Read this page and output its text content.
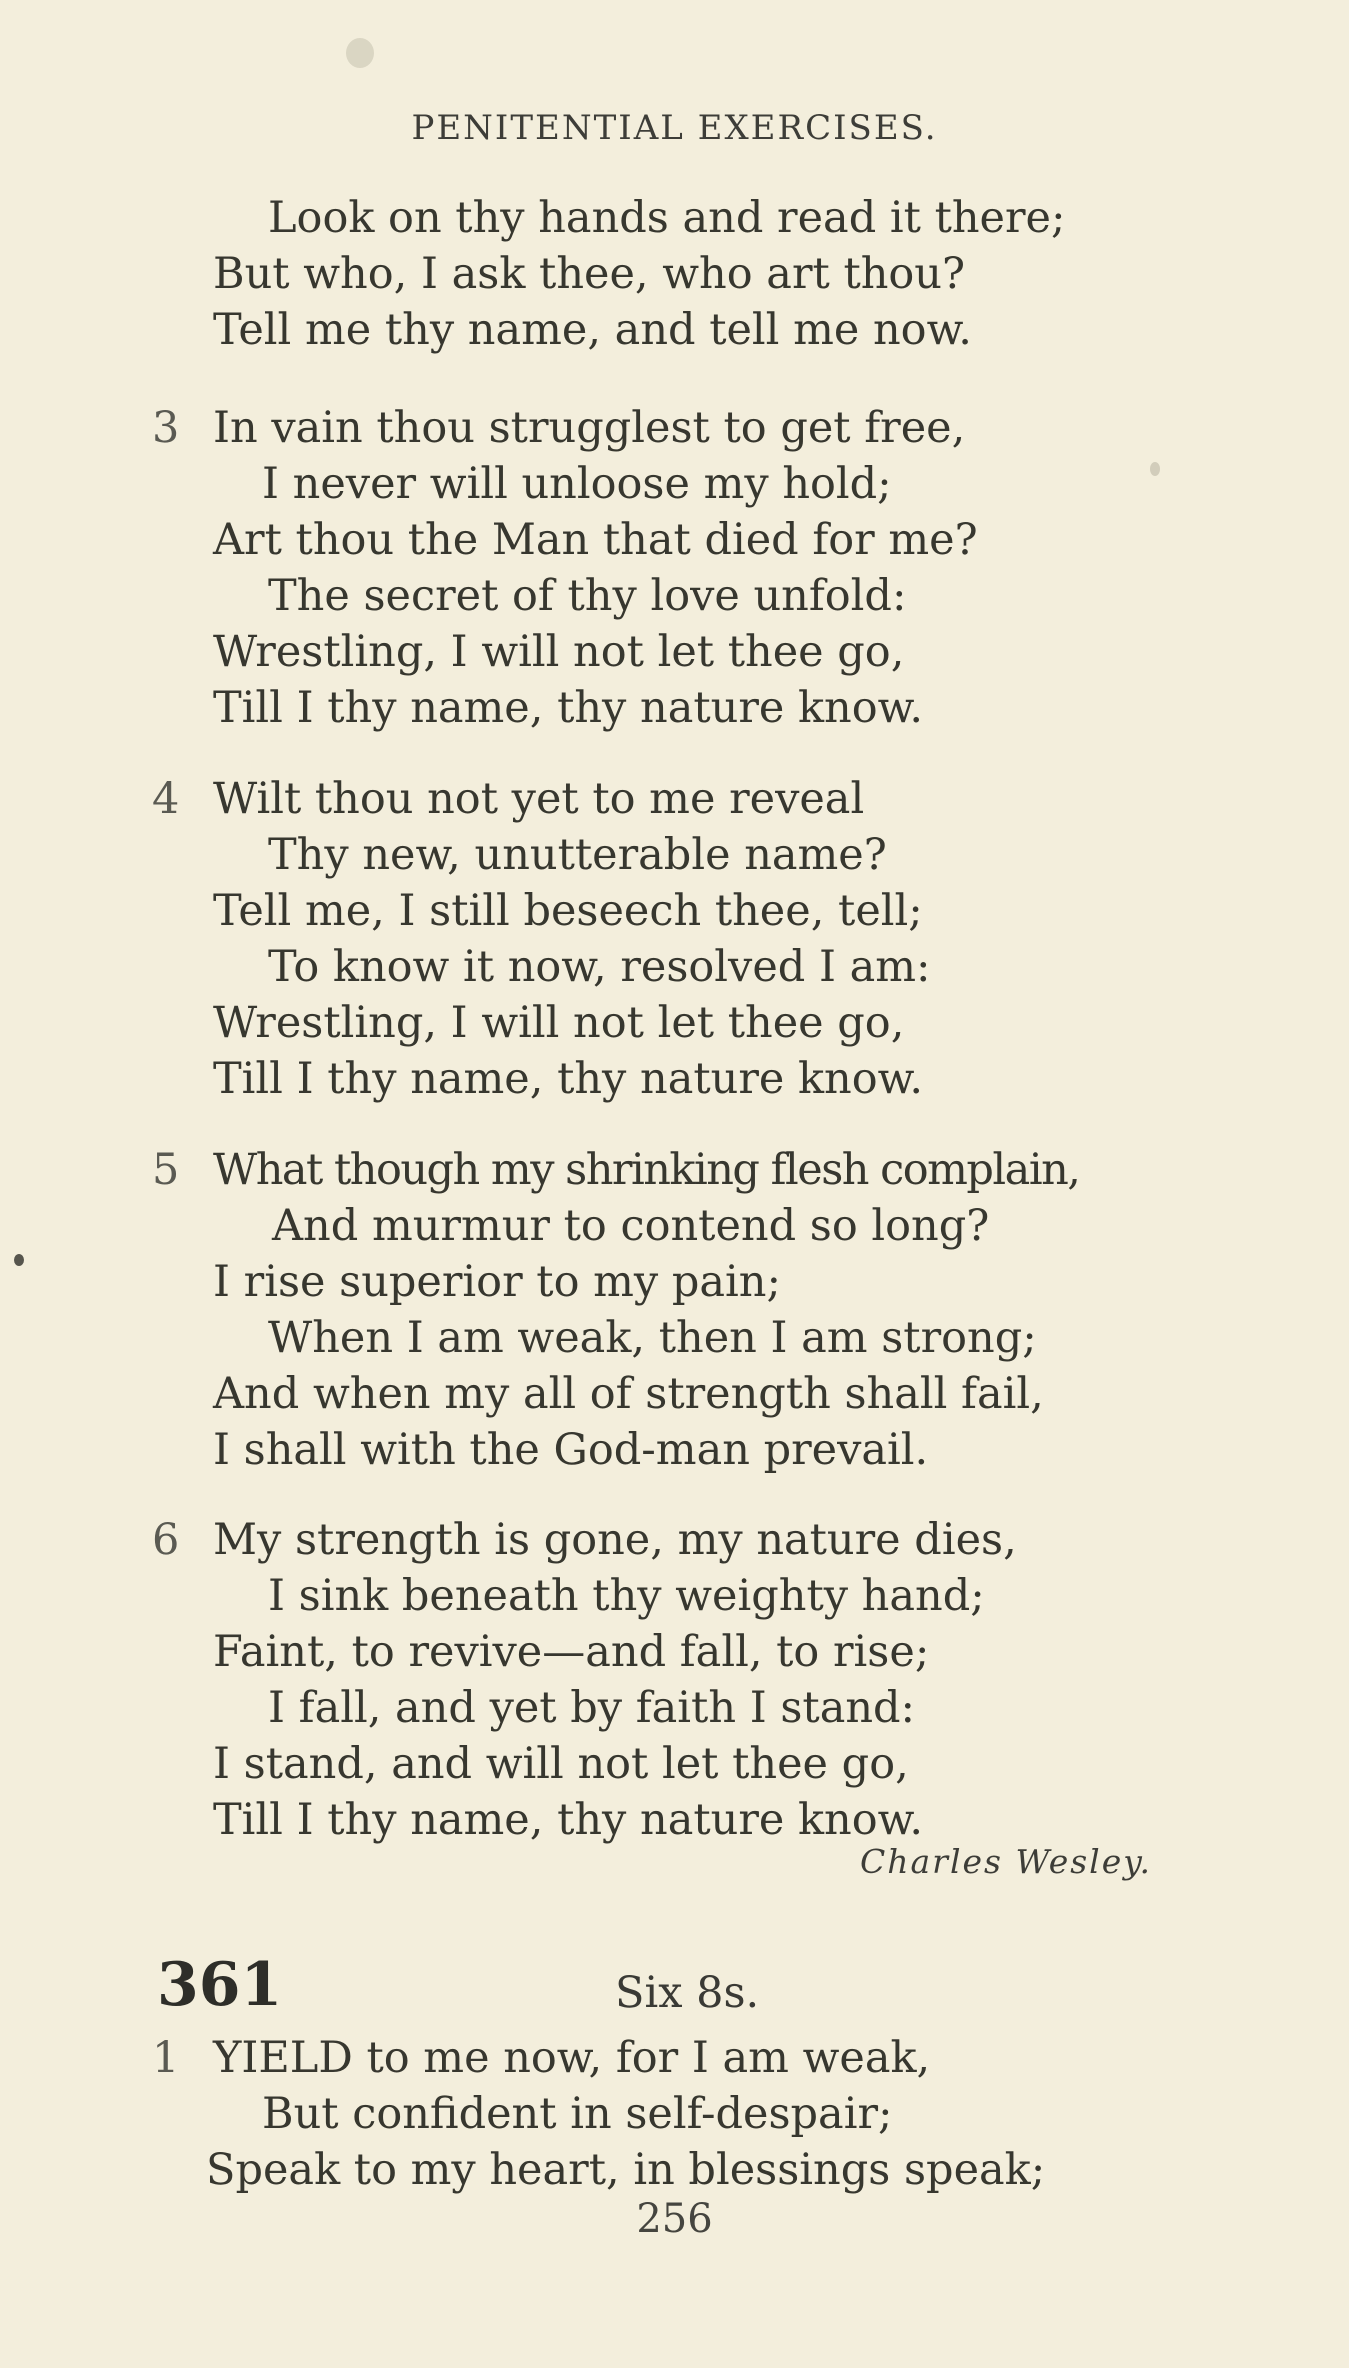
PENITENTIAL EXERCISES.
Look on thy hands and read it there;
But who, I ask thee, who art thou?
Tell me thy name, and tell me now.
3 In vain thou strugglest to get free,
I never will unloose my hold;
Art thou the Man that died for me?
The secret of thy love unfold:
Wrestling, I will not let thee go,
Till I thy name, thy nature know.
4 Wilt thou not yet to me reveal
Thy new, unutterable name?
Tell me, I still beseech thee, tell;
To know it now, resolved I am:
Wrestling, I will not let thee go,
Till I thy name, thy nature know.
5 What though my shrinking flesh complain,
And murmur to contend so long?
I rise superior to my pain;
When I am weak, then I am strong;
And when my all of strength shall fail,
I shall with the God-man prevail.
6 My strength is gone, my nature dies,
I sink beneath thy weighty hand;
Faint, to revive—and fall, to rise;
I fall, and yet by faith I stand:
I stand, and will not let thee go,
Till I thy name, thy nature know.
Charles Wesley.
361	Six 8s.
1 YIELD to me now, for I am weak,
But confident in self-despair;
Speak to my heart, in blessings speak;
256
